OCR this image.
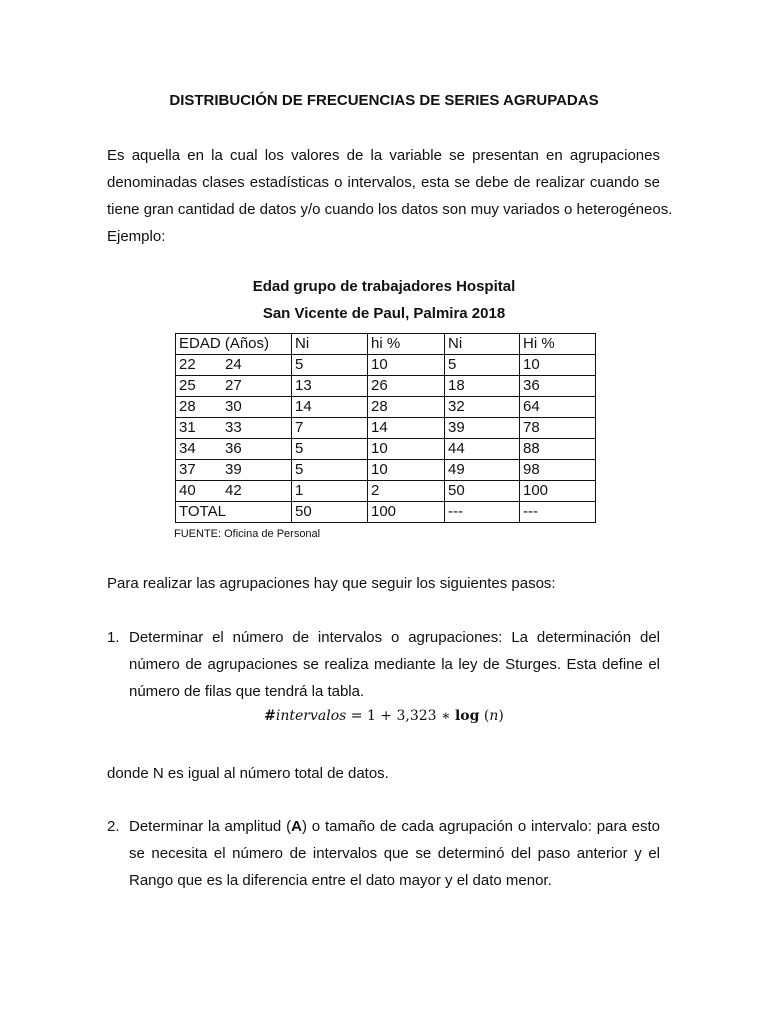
DISTRIBUCIÓN DE FRECUENCIAS DE SERIES AGRUPADAS
Es aquella en la cual los valores de la variable se presentan en agrupaciones
denominadas clases estadísticas o intervalos, esta se debe de realizar cuando se
tiene gran cantidad de datos y/o cuando los datos son muy variados o heterogéneos.
Ejemplo:
Edad grupo de trabajadores Hospital
San Vicente de Paul, Palmira 2018
EDAD (Años)	Ni	hi %	Ni	Hi %
22 24	5	10	5	10
25 27	13	26	18	36
28 30	14	28	32	64
31 33	7	14	39	78
34 36	5	10	44	88
37 39	5	10	49	98
40 42	1	2	50	100
TOTAL	50	100	---	---
FUENTE: Oficina de Personal
Para realizar las agrupaciones hay que seguir los siguientes pasos:
1. Determinar el número de intervalos o agrupaciones: La determinación del
número de agrupaciones se realiza mediante la ley de Sturges. Esta define el
número de filas que tendrá la tabla.
#intervalos = 1 + 3,323 ∗ log (n)
donde N es igual al número total de datos.
2. Determinar la amplitud (A) o tamaño de cada agrupación o intervalo: para esto
se necesita el número de intervalos que se determinó del paso anterior y el
Rango que es la diferencia entre el dato mayor y el dato menor.
